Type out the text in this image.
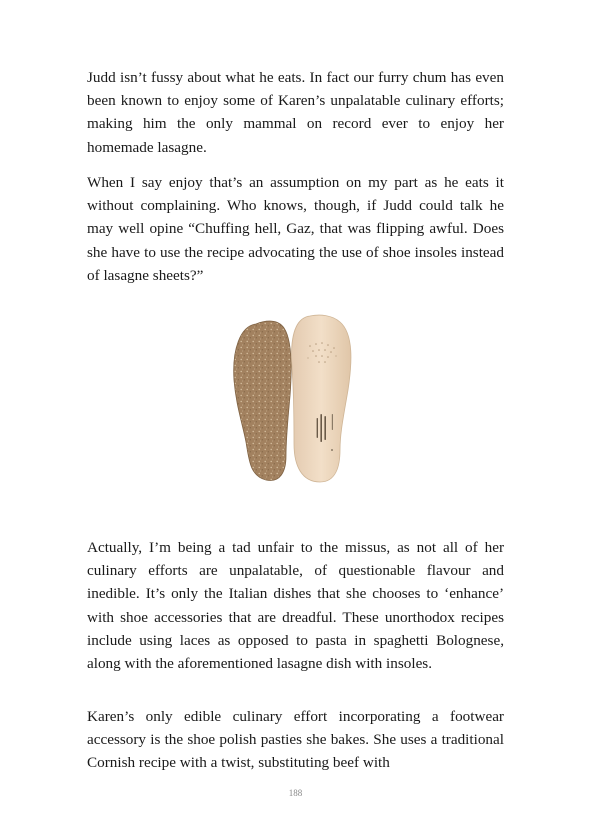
Judd isn’t fussy about what he eats. In fact our furry chum has even been known to enjoy some of Karen’s unpalatable culinary efforts; making him the only mammal on record ever to enjoy her homemade lasagne.

When I say enjoy that’s an assumption on my part as he eats it without complaining. Who knows, though, if Judd could talk he may well opine “Chuffing hell, Gaz, that was flipping awful. Does she have to use the recipe advocating the use of shoe insoles instead of lasagne sheets?”

Actually, I’m being a tad unfair to the missus, as not all of her culinary efforts are unpalatable, of questionable flavour and inedible. It’s only the Italian dishes that she chooses to ‘enhance’ with shoe accessories that are dreadful. These unorthodox recipes include using laces as opposed to pasta in spaghetti Bolognese, along with the aforementioned lasagne dish with insoles.

Karen’s only edible culinary effort incorporating a footwear accessory is the shoe polish pasties she bakes. She uses a traditional Cornish recipe with a twist, substituting beef with

188
